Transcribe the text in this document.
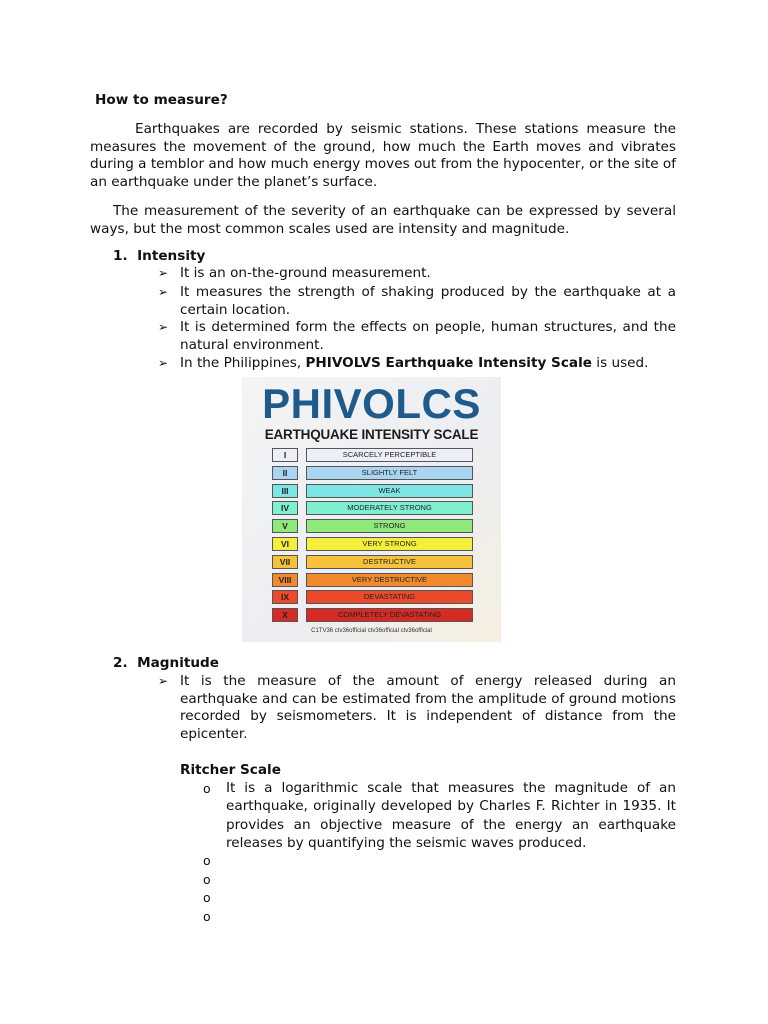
How to measure?
Earthquakes are recorded by seismic stations. These stations measure the measures the movement of the ground, how much the Earth moves and vibrates during a temblor and how much energy moves out from the hypocenter, or the site of an earthquake under the planet’s surface.
The measurement of the severity of an earthquake can be expressed by several ways, but the most common scales used are intensity and magnitude.
1. Intensity
➢ It is an on-the-ground measurement.
➢ It measures the strength of shaking produced by the earthquake at a certain location.
➢ It is determined form the effects on people, human structures, and the natural environment.
➢ In the Philippines, PHIVOLVS Earthquake Intensity Scale is used.
PHIVOLCS
EARTHQUAKE INTENSITY SCALE
I	SCARCELY PERCEPTIBLE
II	SLIGHTLY FELT
III	WEAK
IV	MODERATELY STRONG
V	STRONG
VI	VERY STRONG
VII	DESTRUCTIVE
VIII	VERY DESTRUCTIVE
IX	DEVASTATING
X	COMPLETELY DEVASTATING
C1TV36 ctv36official ctv36official ctv36official
2. Magnitude
➢ It is the measure of the amount of energy released during an earthquake and can be estimated from the amplitude of ground motions recorded by seismometers. It is independent of distance from the epicenter.
Ritcher Scale
o It is a logarithmic scale that measures the magnitude of an earthquake, originally developed by Charles F. Richter in 1935. It provides an objective measure of the energy an earthquake releases by quantifying the seismic waves produced.
o
o
o
o
